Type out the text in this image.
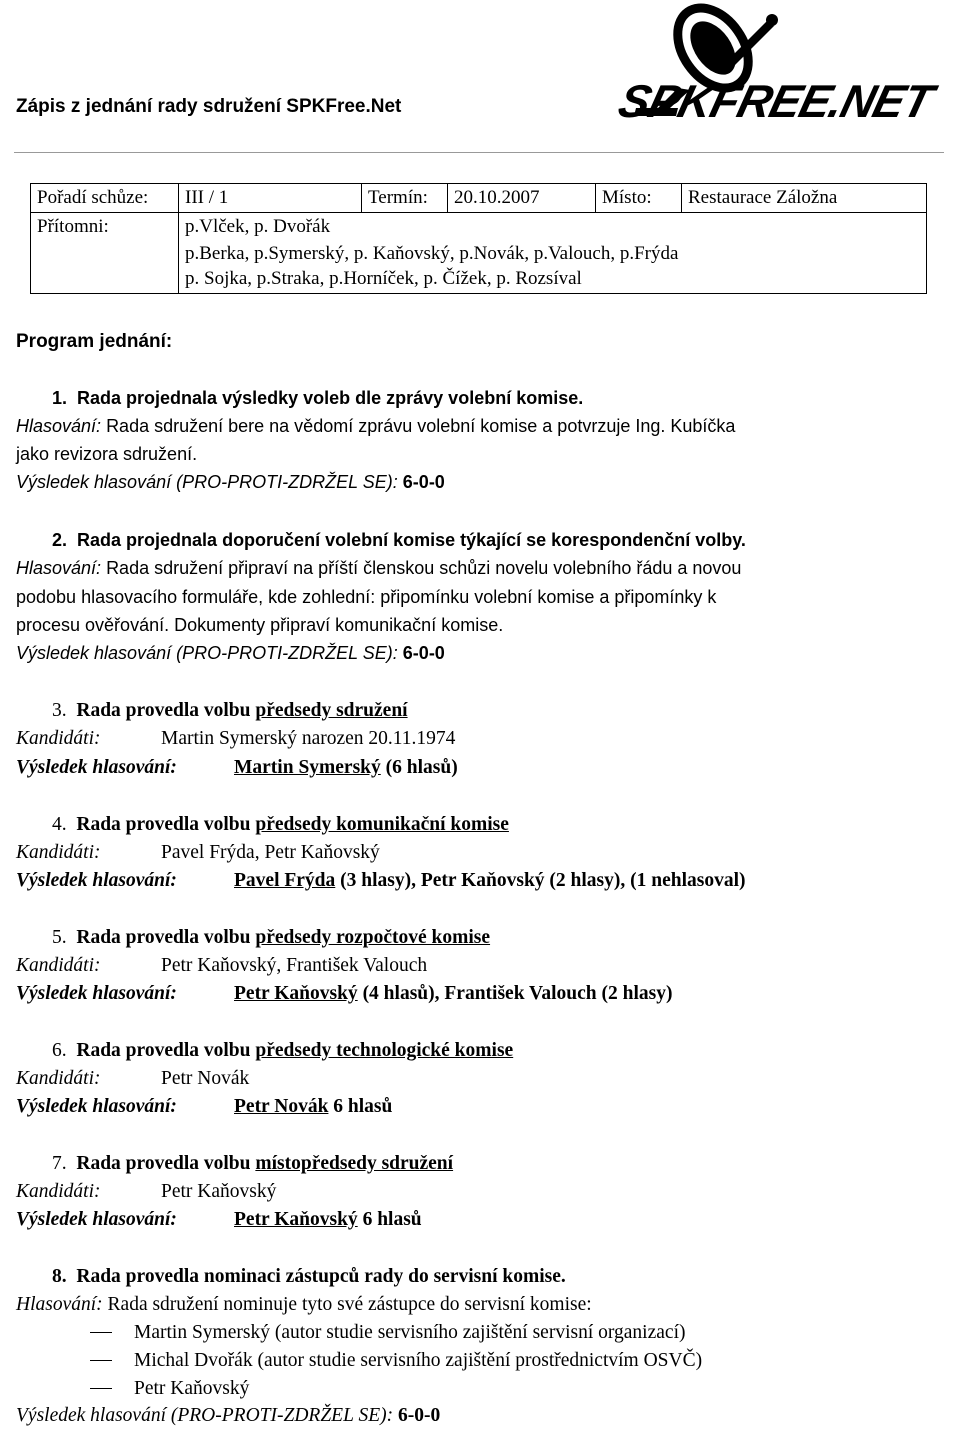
Zápis z jednání rady sdružení SPKFree.Net	SPKFREE.NET
Pořadí schůze:	III / 1	Termín:	20.10.2007	Místo:	Restaurace Záložna
Přítomni:	p.Vlček, p. Dvořák
p.Berka, p.Symerský, p. Kaňovský, p.Novák, p.Valouch, p.Frýda
p. Sojka, p.Straka, p.Horníček, p. Čížek, p. Rozsíval				
Program jednání:
1. Rada projednala výsledky voleb dle zprávy volební komise.
Hlasování: Rada sdružení bere na vědomí zprávu volební komise a potvrzuje Ing. Kubíčka
jako revizora sdružení.
Výsledek hlasování (PRO-PROTI-ZDRŽEL SE): 6-0-0
2. Rada projednala doporučení volební komise týkající se korespondenční volby.
Hlasování: Rada sdružení připraví na příští členskou schůzi novelu volebního řádu a novou
podobu hlasovacího formuláře, kde zohlední: připomínku volební komise a připomínky k
procesu ověřování. Dokumenty připraví komunikační komise.
Výsledek hlasování (PRO-PROTI-ZDRŽEL SE): 6-0-0
3. Rada provedla volbu předsedy sdružení
Kandidáti:	Martin Symerský narozen 20.11.1974
Výsledek hlasování:	Martin Symerský (6 hlasů)
4. Rada provedla volbu předsedy komunikační komise
Kandidáti:	Pavel Frýda, Petr Kaňovský
Výsledek hlasování:	Pavel Frýda (3 hlasy), Petr Kaňovský (2 hlasy), (1 nehlasoval)
5. Rada provedla volbu předsedy rozpočtové komise
Kandidáti:	Petr Kaňovský, František Valouch
Výsledek hlasování:	Petr Kaňovský (4 hlasů), František Valouch (2 hlasy)
6. Rada provedla volbu předsedy technologické komise
Kandidáti:	Petr Novák
Výsledek hlasování:	Petr Novák 6 hlasů
7. Rada provedla volbu místopředsedy sdružení
Kandidáti:	Petr Kaňovský
Výsledek hlasování:	Petr Kaňovský 6 hlasů
8. Rada provedla nominaci zástupců rady do servisní komise.
Hlasování: Rada sdružení nominuje tyto své zástupce do servisní komise:
Martin Symerský (autor studie servisního zajištění servisní organizací)
Michal Dvořák (autor studie servisního zajištění prostřednictvím OSVČ)
Petr Kaňovský
Výsledek hlasování (PRO-PROTI-ZDRŽEL SE): 6-0-0
